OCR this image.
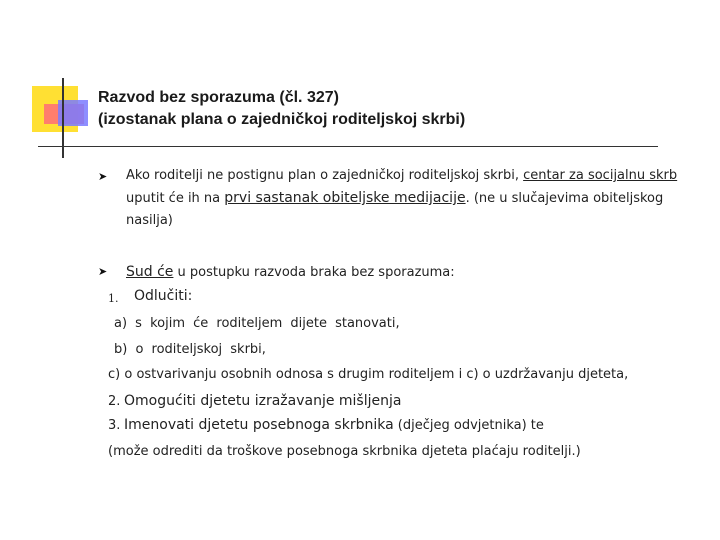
Razvod bez sporazuma (čl. 327)
(izostanak plana o zajedničkoj roditeljskoj skrbi)
➤ Ako roditelji ne postignu plan o zajedničkoj roditeljskoj skrbi, centar za socijalnu skrb uputit će ih na prvi sastanak obiteljske medijacije. (ne u slučajevima obiteljskog nasilja)

➤ Sud će u postupku razvoda braka bez sporazuma:

1. Odlučiti:
a) s kojim će roditeljem dijete stanovati,
b) o roditeljskoj skrbi,
c) o ostvarivanju osobnih odnosa s drugim roditeljem i c) o uzdržavanju djeteta,
2. Omogućiti djetetu izražavanje mišljenja
3. Imenovati djetetu posebnoga skrbnika (dječjeg odvjetnika) te
(može odrediti da troškove posebnoga skrbnika djeteta plaćaju roditelji.)
